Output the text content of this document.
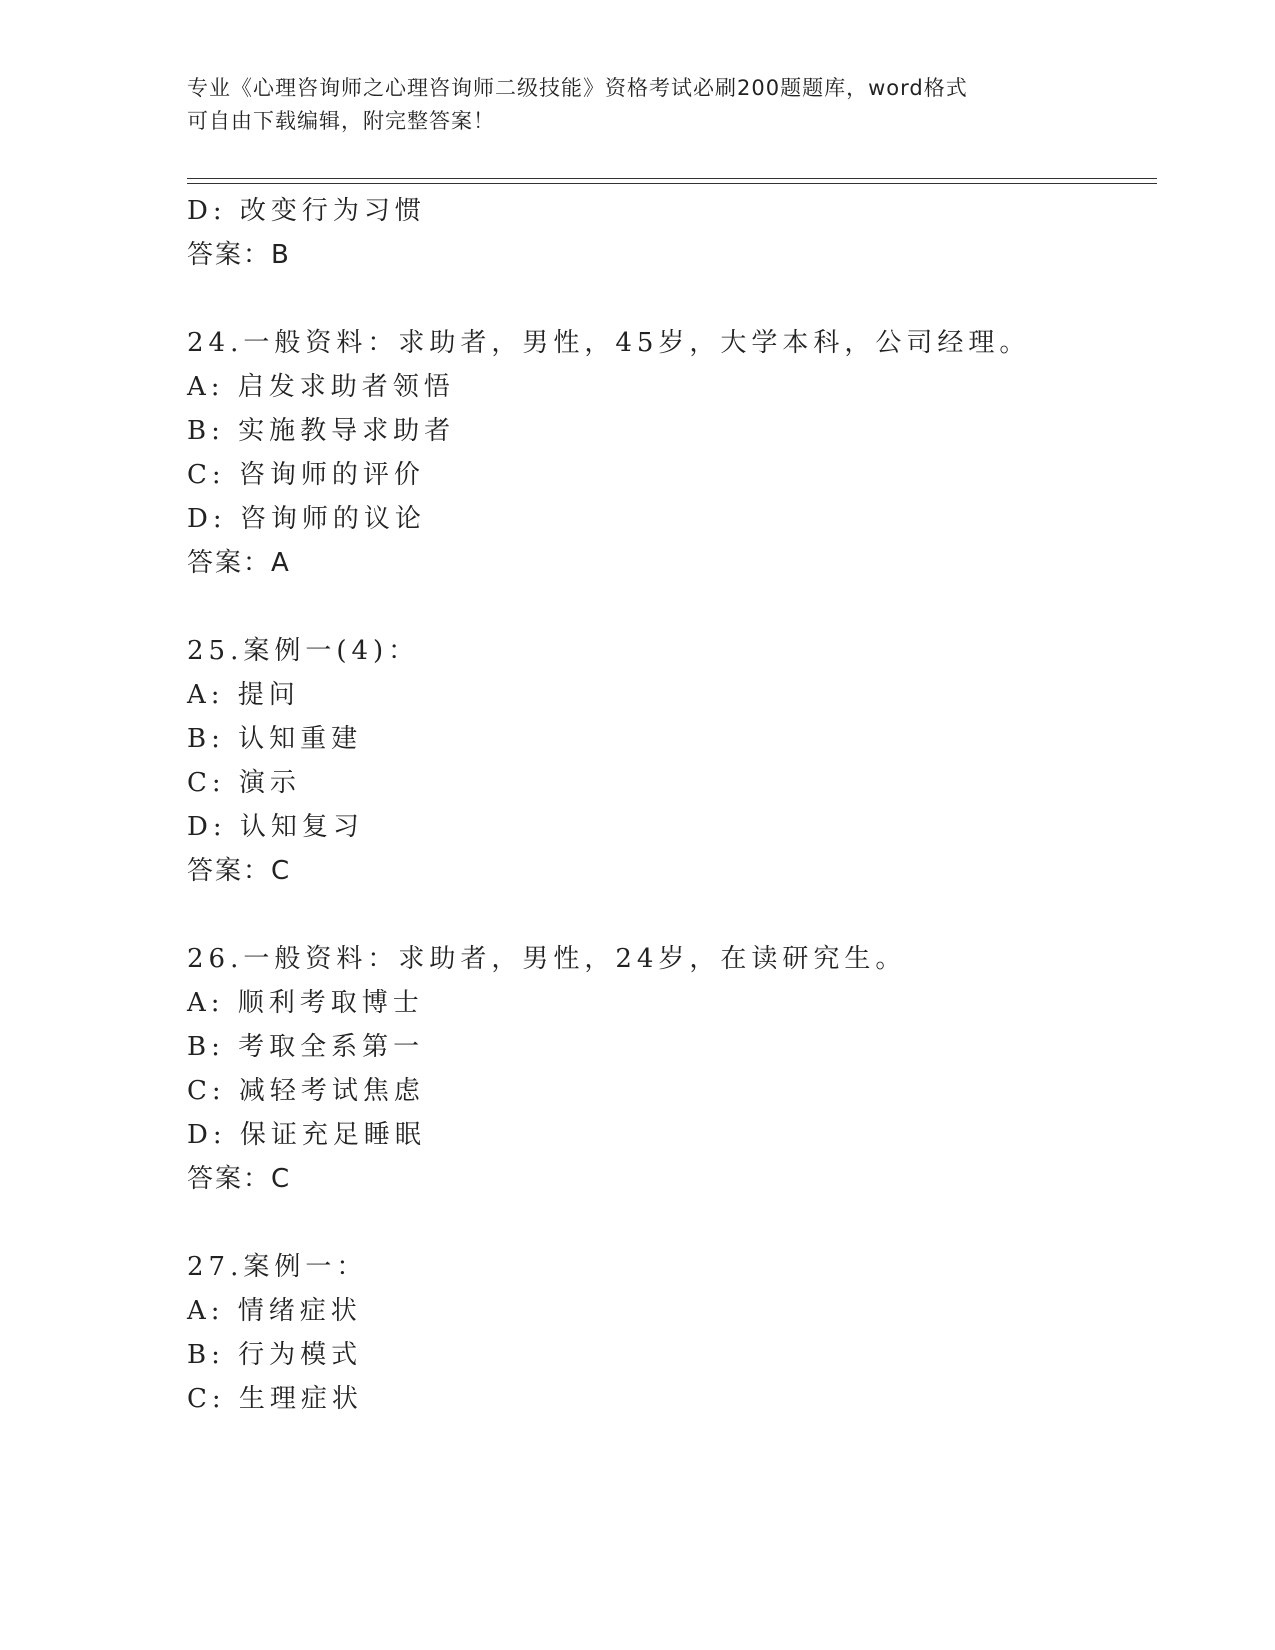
专业《心理咨询师之心理咨询师二级技能》资格考试必刷200题题库，word格式
可自由下载编辑，附完整答案！
D: 改变行为习惯
答案：B
24.一般资料：求助者，男性，45岁，大学本科，公司经理。
A: 启发求助者领悟
B: 实施教导求助者
C: 咨询师的评价
D: 咨询师的议论
答案：A
25.案例一(4)：
A: 提问
B: 认知重建
C: 演示
D: 认知复习
答案：C
26.一般资料：求助者，男性，24岁，在读研究生。
A: 顺利考取博士
B: 考取全系第一
C: 减轻考试焦虑
D: 保证充足睡眠
答案：C
27.案例一：
A: 情绪症状
B: 行为模式
C: 生理症状
